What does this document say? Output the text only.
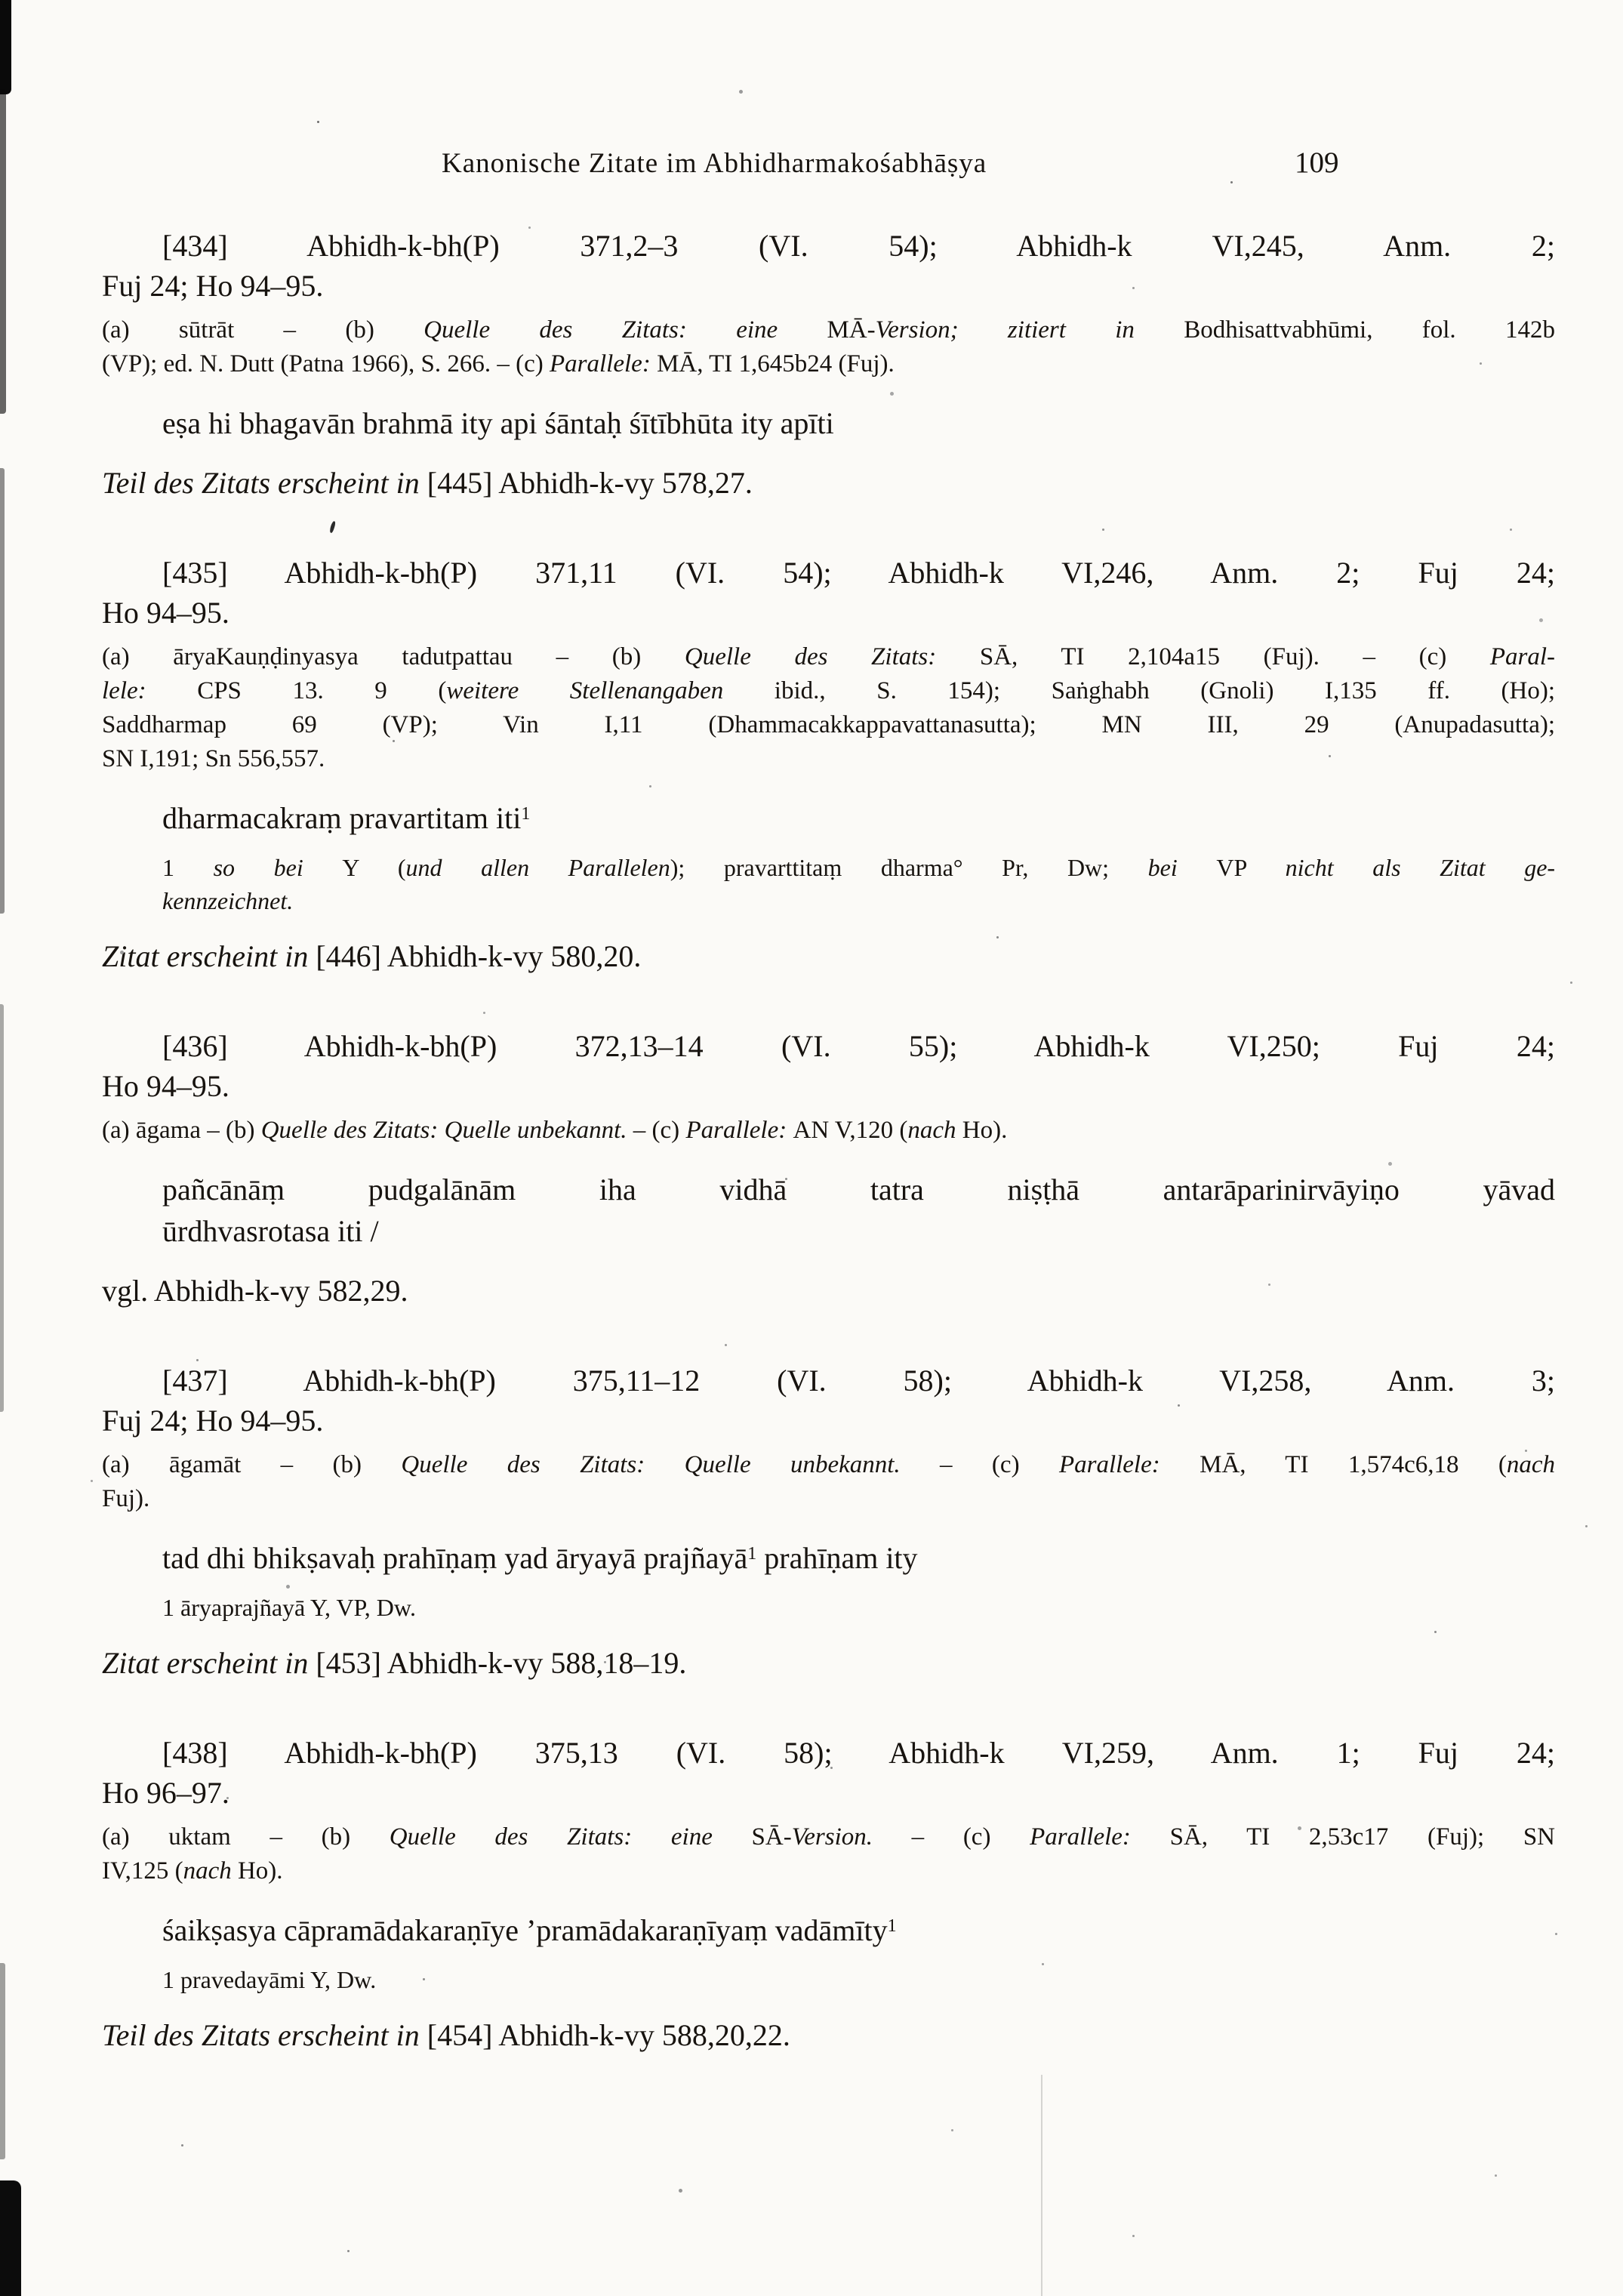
Kanonische Zitate im Abhidharmakośabhāṣya	109
[434] Abhidh-k-bh(P) 371,2–3 (VI. 54); Abhidh-k VI,245, Anm. 2;
Fuj 24; Ho 94–95.
(a) sūtrāt – (b) Quelle des Zitats: eine MĀ-Version; zitiert in Bodhisattvabhūmi, fol. 142b
(VP); ed. N. Dutt (Patna 1966), S. 266. – (c) Parallele: MĀ, TI 1,645b24 (Fuj).
eṣa hi bhagavān brahmā ity api śāntaḥ śītībhūta ity apīti
Teil des Zitats erscheint in [445] Abhidh-k-vy 578,27.
[435] Abhidh-k-bh(P) 371,11 (VI. 54); Abhidh-k VI,246, Anm. 2; Fuj 24;
Ho 94–95.
(a) āryaKauṇḍinyasya tadutpattau – (b) Quelle des Zitats: SĀ, TI 2,104a15 (Fuj). – (c) Paral-
lele: CPS 13. 9 (weitere Stellenangaben ibid., S. 154); Saṅghabh (Gnoli) I,135 ff. (Ho);
Saddharmap 69 (VP); Vin I,11 (Dhammacakkappavattanasutta); MN III, 29 (Anupadasutta);
SN I,191; Sn 556,557.
dharmacakraṃ pravartitam iti$^1$
1 so bei Y (und allen Parallelen); pravarttitaṃ dharma° Pr, Dw; bei VP nicht als Zitat ge-
kennzeichnet.
Zitat erscheint in [446] Abhidh-k-vy 580,20.
[436] Abhidh-k-bh(P) 372,13–14 (VI. 55); Abhidh-k VI,250; Fuj 24;
Ho 94–95.
(a) āgama – (b) Quelle des Zitats: Quelle unbekannt. – (c) Parallele: AN V,120 (nach Ho).
pañcānāṃ pudgalānām iha vidhā tatra niṣṭhā antarāparinirvāyiṇo yāvad
ūrdhvasrotasa iti /
vgl. Abhidh-k-vy 582,29.
[437] Abhidh-k-bh(P) 375,11–12 (VI. 58); Abhidh-k VI,258, Anm. 3;
Fuj 24; Ho 94–95.
(a) āgamāt – (b) Quelle des Zitats: Quelle unbekannt. – (c) Parallele: MĀ, TI 1,574c6,18 (nach
Fuj).
tad dhi bhikṣavaḥ prahīṇaṃ yad āryayā prajñayā$^1$ prahīṇam ity
1 āryaprajñayā Y, VP, Dw.
Zitat erscheint in [453] Abhidh-k-vy 588,18–19.
[438] Abhidh-k-bh(P) 375,13 (VI. 58); Abhidh-k VI,259, Anm. 1; Fuj 24;
Ho 96–97.
(a) uktam – (b) Quelle des Zitats: eine SĀ-Version. – (c) Parallele: SĀ, TI 2,53c17 (Fuj); SN
IV,125 (nach Ho).
śaikṣasya cāpramādakaraṇīye ’pramādakaraṇīyaṃ vadāmīty$^1$
1 pravedayāmi Y, Dw.
Teil des Zitats erscheint in [454] Abhidh-k-vy 588,20,22.
